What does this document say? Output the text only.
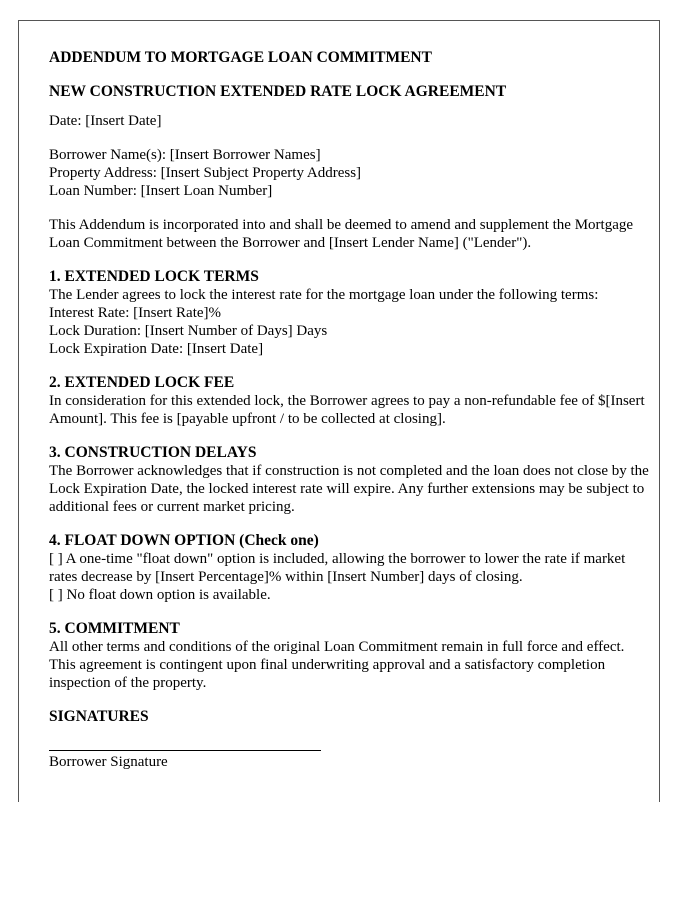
ADDENDUM TO MORTGAGE LOAN COMMITMENT

NEW CONSTRUCTION EXTENDED RATE LOCK AGREEMENT

Date: [Insert Date]

Borrower Name(s): [Insert Borrower Names]

Property Address: [Insert Subject Property Address]

Loan Number: [Insert Loan Number]

This Addendum is incorporated into and shall be deemed to amend and supplement the Mortgage Loan Commitment between the Borrower and [Insert Lender Name] ("Lender").

1. EXTENDED LOCK TERMS

The Lender agrees to lock the interest rate for the mortgage loan under the following terms:

Interest Rate: [Insert Rate]%

Lock Duration: [Insert Number of Days] Days

Lock Expiration Date: [Insert Date]

2. EXTENDED LOCK FEE

In consideration for this extended lock, the Borrower agrees to pay a non-refundable fee of $[Insert Amount]. This fee is [payable upfront / to be collected at closing].

3. CONSTRUCTION DELAYS

The Borrower acknowledges that if construction is not completed and the loan does not close by the Lock Expiration Date, the locked interest rate will expire. Any further extensions may be subject to additional fees or current market pricing.

4. FLOAT DOWN OPTION (Check one)

[ ] A one-time "float down" option is included, allowing the borrower to lower the rate if market rates decrease by [Insert Percentage]% within [Insert Number] days of closing.

[ ] No float down option is available.

5. COMMITMENT

All other terms and conditions of the original Loan Commitment remain in full force and effect. This agreement is contingent upon final underwriting approval and a satisfactory completion inspection of the property.

SIGNATURES

Borrower Signature
